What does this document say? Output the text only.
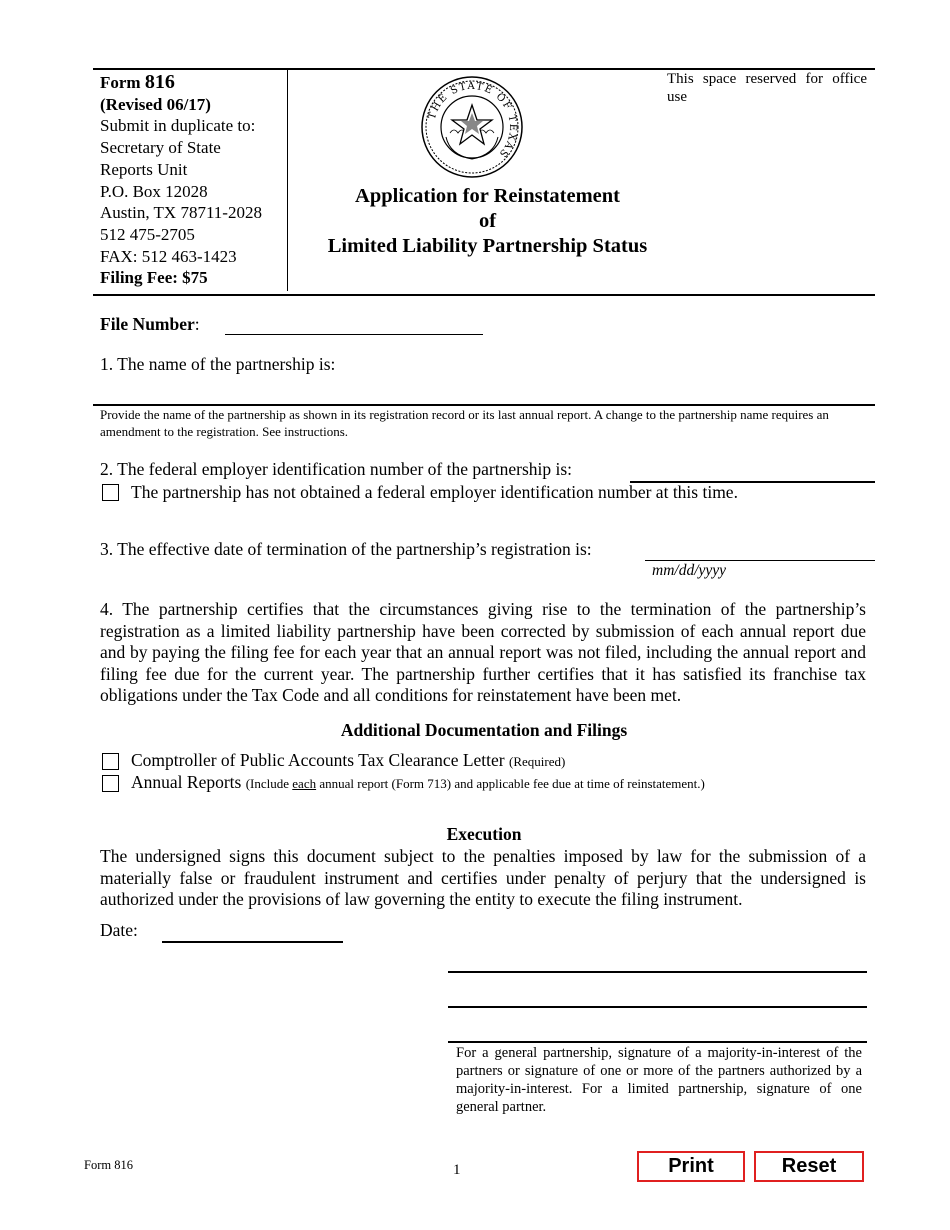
Form 816
(Revised 06/17)
Submit in duplicate to:
Secretary of State
Reports Unit
P.O. Box 12028
Austin, TX 78711-2028
512 475-2705
FAX: 512 463-1423
Filing Fee: $75
THE STATE OF TEXAS
Application for Reinstatement
of
Limited Liability Partnership Status
This space reserved for office use
File Number:
1. The name of the partnership is:
Provide the name of the partnership as shown in its registration record or its last annual report. A change to the partnership name requires an amendment to the registration. See instructions.
2. The federal employer identification number of the partnership is:
The partnership has not obtained a federal employer identification number at this time.
3. The effective date of termination of the partnership’s registration is:
mm/dd/yyyy
4. The partnership certifies that the circumstances giving rise to the termination of the partnership’s registration as a limited liability partnership have been corrected by submission of each annual report due and by paying the filing fee for each year that an annual report was not filed, including the annual report and filing fee due for the current year. The partnership further certifies that it has satisfied its franchise tax obligations under the Tax Code and all conditions for reinstatement have been met.
Additional Documentation and Filings
Comptroller of Public Accounts Tax Clearance Letter (Required)
Annual Reports (Include each annual report (Form 713) and applicable fee due at time of reinstatement.)
Execution
The undersigned signs this document subject to the penalties imposed by law for the submission of a materially false or fraudulent instrument and certifies under penalty of perjury that the undersigned is authorized under the provisions of law governing the entity to execute the filing instrument.
Date:
For a general partnership, signature of a majority-in-interest of the partners or signature of one or more of the partners authorized by a majority-in-interest. For a limited partnership, signature of one general partner.
Form 816	1	Print	Reset
